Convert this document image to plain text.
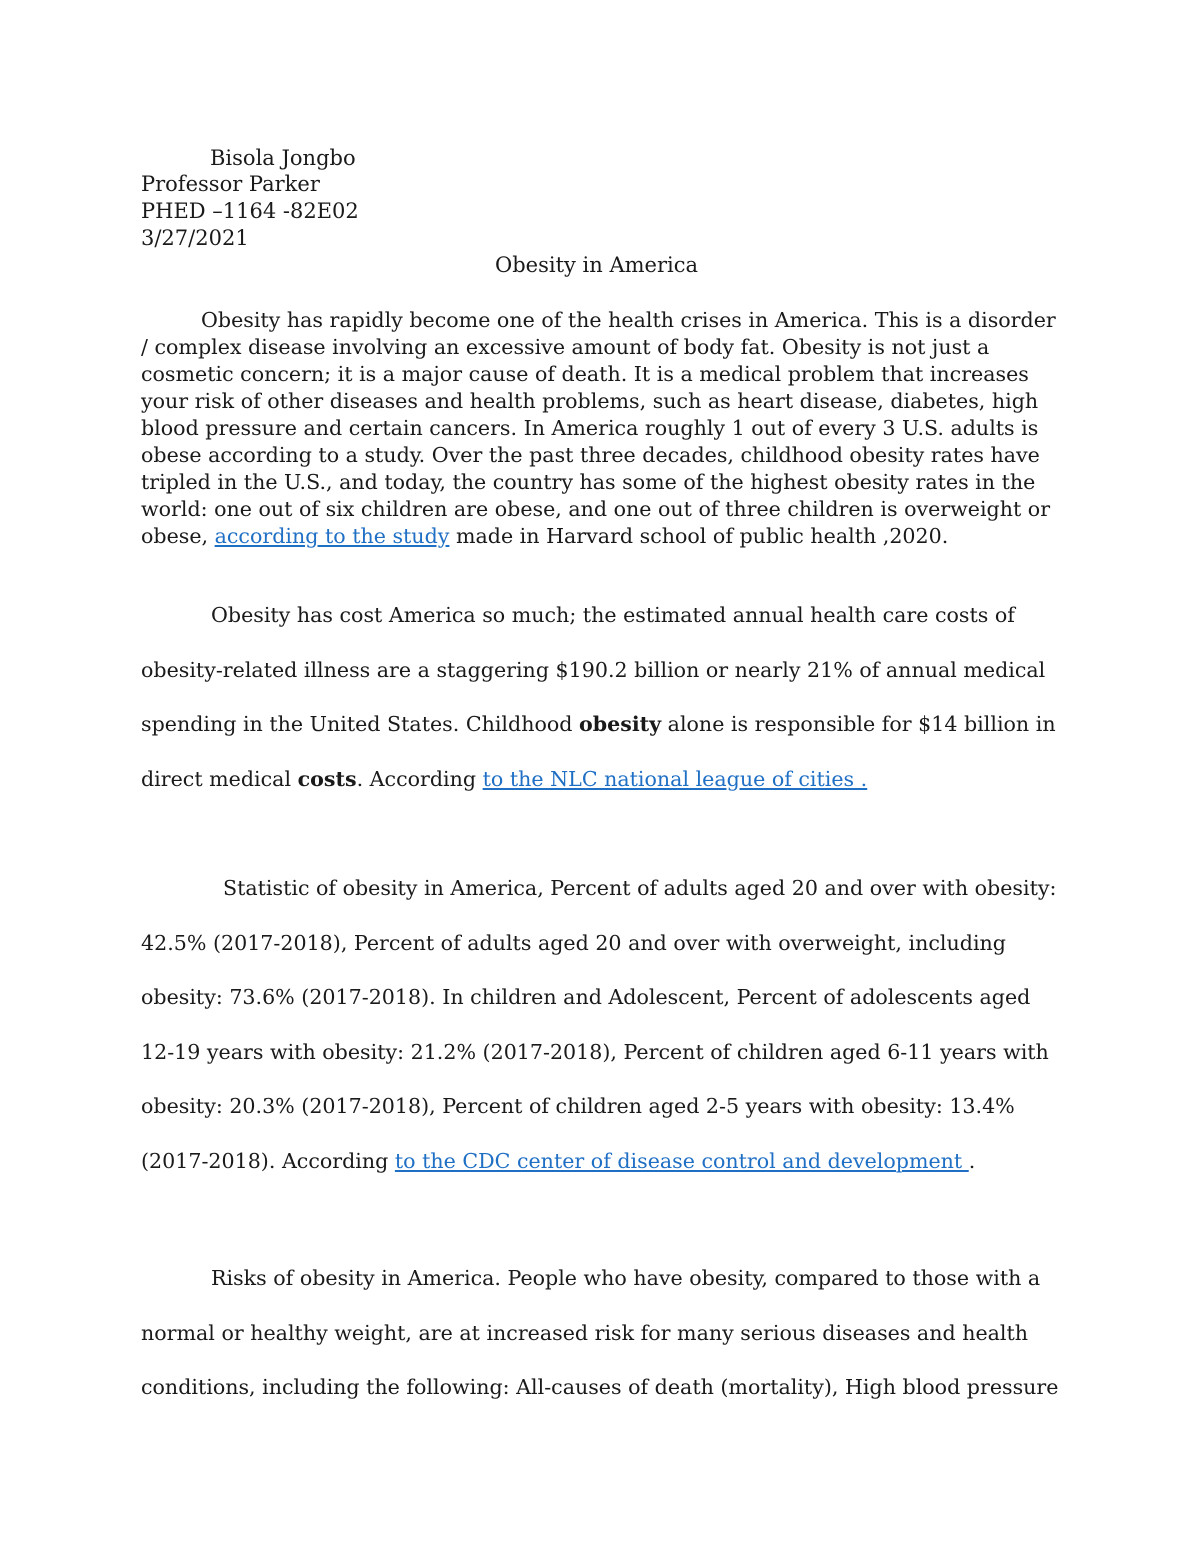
Bisola Jongbo
Professor Parker
PHED –1164 -82E02
3/27/2021
Obesity in America

Obesity has rapidly become one of the health crises in America. This is a disorder / complex disease involving an excessive amount of body fat. Obesity is not just a cosmetic concern; it is a major cause of death. It is a medical problem that increases your risk of other diseases and health problems, such as heart disease, diabetes, high blood pressure and certain cancers. In America roughly 1 out of every 3 U.S. adults is obese according to a study. Over the past three decades, childhood obesity rates have tripled in the U.S., and today, the country has some of the highest obesity rates in the world: one out of six children are obese, and one out of three children is overweight or obese, according to the study made in Harvard school of public health ,2020.

Obesity has cost America so much; the estimated annual health care costs of obesity-related illness are a staggering $190.2 billion or nearly 21% of annual medical spending in the United States. Childhood obesity alone is responsible for $14 billion in direct medical costs. According to the NLC national league of cities .

Statistic of obesity in America, Percent of adults aged 20 and over with obesity: 42.5% (2017-2018), Percent of adults aged 20 and over with overweight, including obesity: 73.6% (2017-2018). In children and Adolescent, Percent of adolescents aged 12-19 years with obesity: 21.2% (2017-2018), Percent of children aged 6-11 years with obesity: 20.3% (2017-2018), Percent of children aged 2-5 years with obesity: 13.4% (2017-2018). According to the CDC center of disease control and development .

Risks of obesity in America. People who have obesity, compared to those with a normal or healthy weight, are at increased risk for many serious diseases and health conditions, including the following: All-causes of death (mortality), High blood pressure
